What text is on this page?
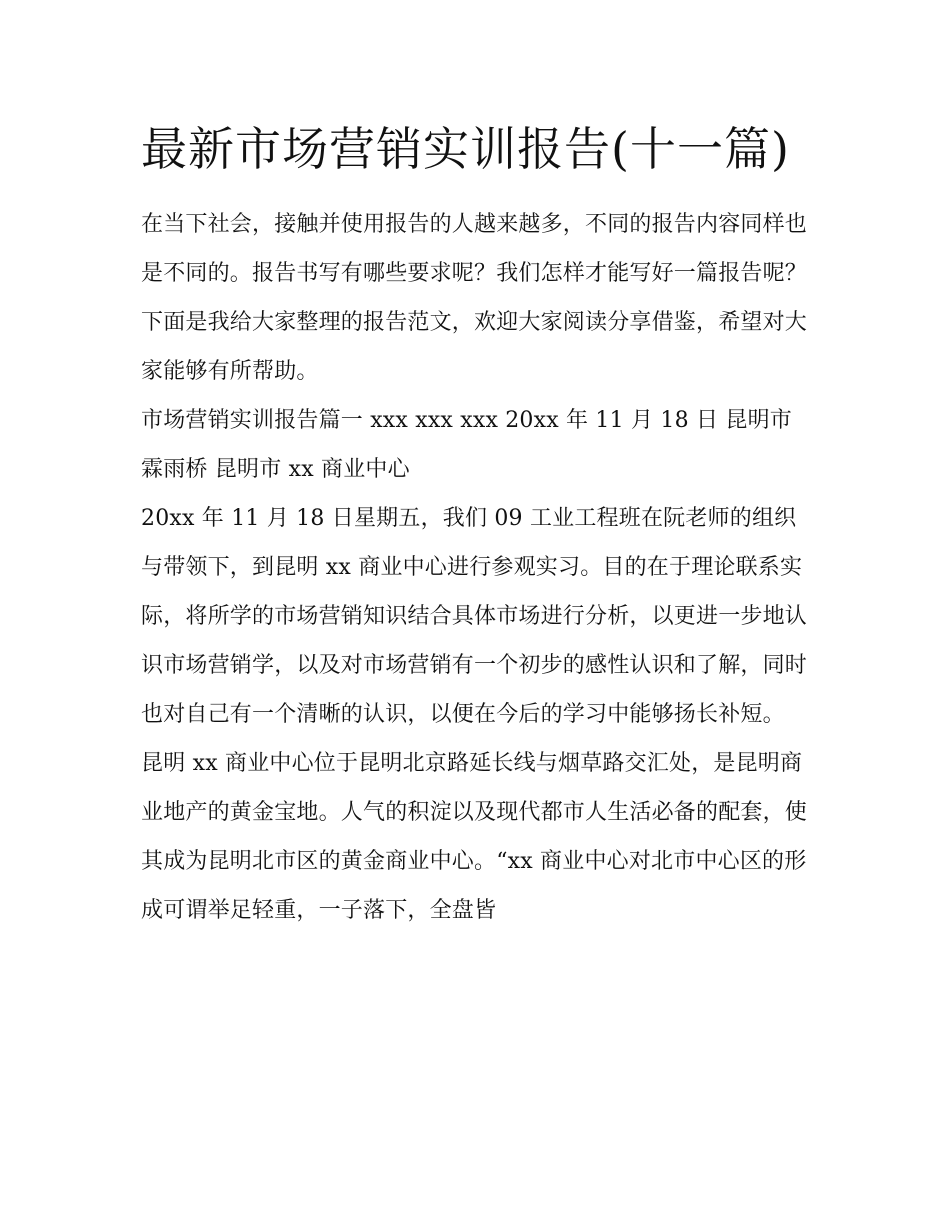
最新市场营销实训报告(十一篇)

在当下社会，接触并使用报告的人越来越多，不同的报告内容同样也是不同的。报告书写有哪些要求呢？我们怎样才能写好一篇报告呢？下面是我给大家整理的报告范文，欢迎大家阅读分享借鉴，希望对大家能够有所帮助。

市场营销实训报告篇一 xxx xxx xxx 20xx 年 11 月 18 日 昆明市霖雨桥 昆明市 xx 商业中心

20xx 年 11 月 18 日星期五，我们 09 工业工程班在阮老师的组织与带领下，到昆明 xx 商业中心进行参观实习。目的在于理论联系实际，将所学的市场营销知识结合具体市场进行分析，以更进一步地认识市场营销学，以及对市场营销有一个初步的感性认识和了解，同时也对自己有一个清晰的认识，以便在今后的学习中能够扬长补短。

昆明 xx 商业中心位于昆明北京路延长线与烟草路交汇处，是昆明商业地产的黄金宝地。人气的积淀以及现代都市人生活必备的配套，使其成为昆明北市区的黄金商业中心。“xx 商业中心对北市中心区的形成可谓举足轻重，一子落下，全盘皆
